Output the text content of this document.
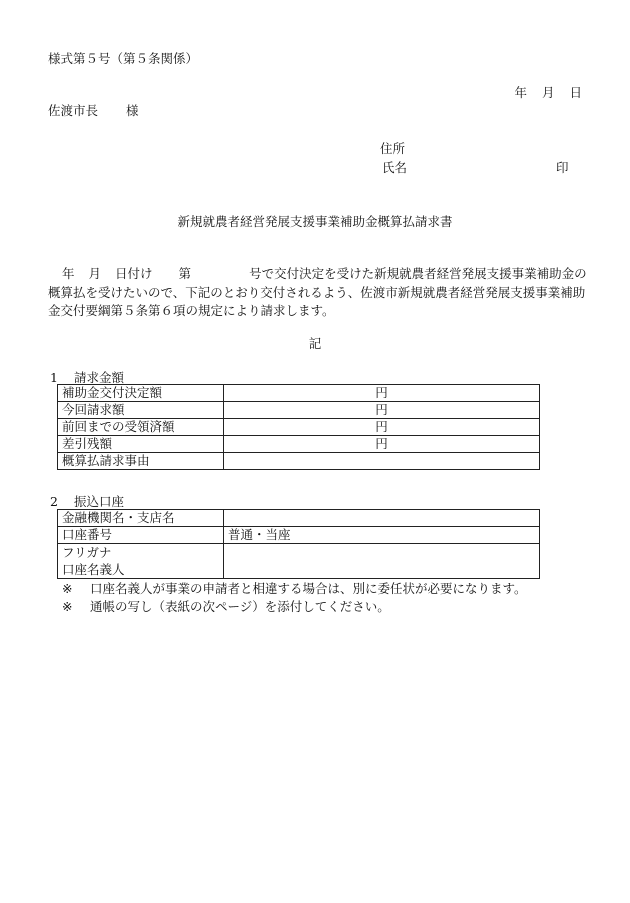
様式第５号（第５条関係）
年 月 日
佐渡市長 様
住所
氏名	印
新規就農者経営発展支援事業補助金概算払請求書
年 月 日付け 第	号で交付決定を受けた新規就農者経営発展支援事業補助金の概算払を受けたいので、下記のとおり交付されるよう、佐渡市新規就農者経営発展支援事業補助金交付要綱第５条第６項の規定により請求します。
記
1 請求金額
補助金交付決定額	円
今回請求額	円
前回までの受領済額	円
差引残額	円
概算払請求事由	
2 振込口座
金融機関名・支店名	
口座番号	普通・当座

フリガナ
口座名義人	

※ 口座名義人が事業の申請者と相違する場合は、別に委任状が必要になります。
※ 通帳の写し（表紙の次ページ）を添付してください。
